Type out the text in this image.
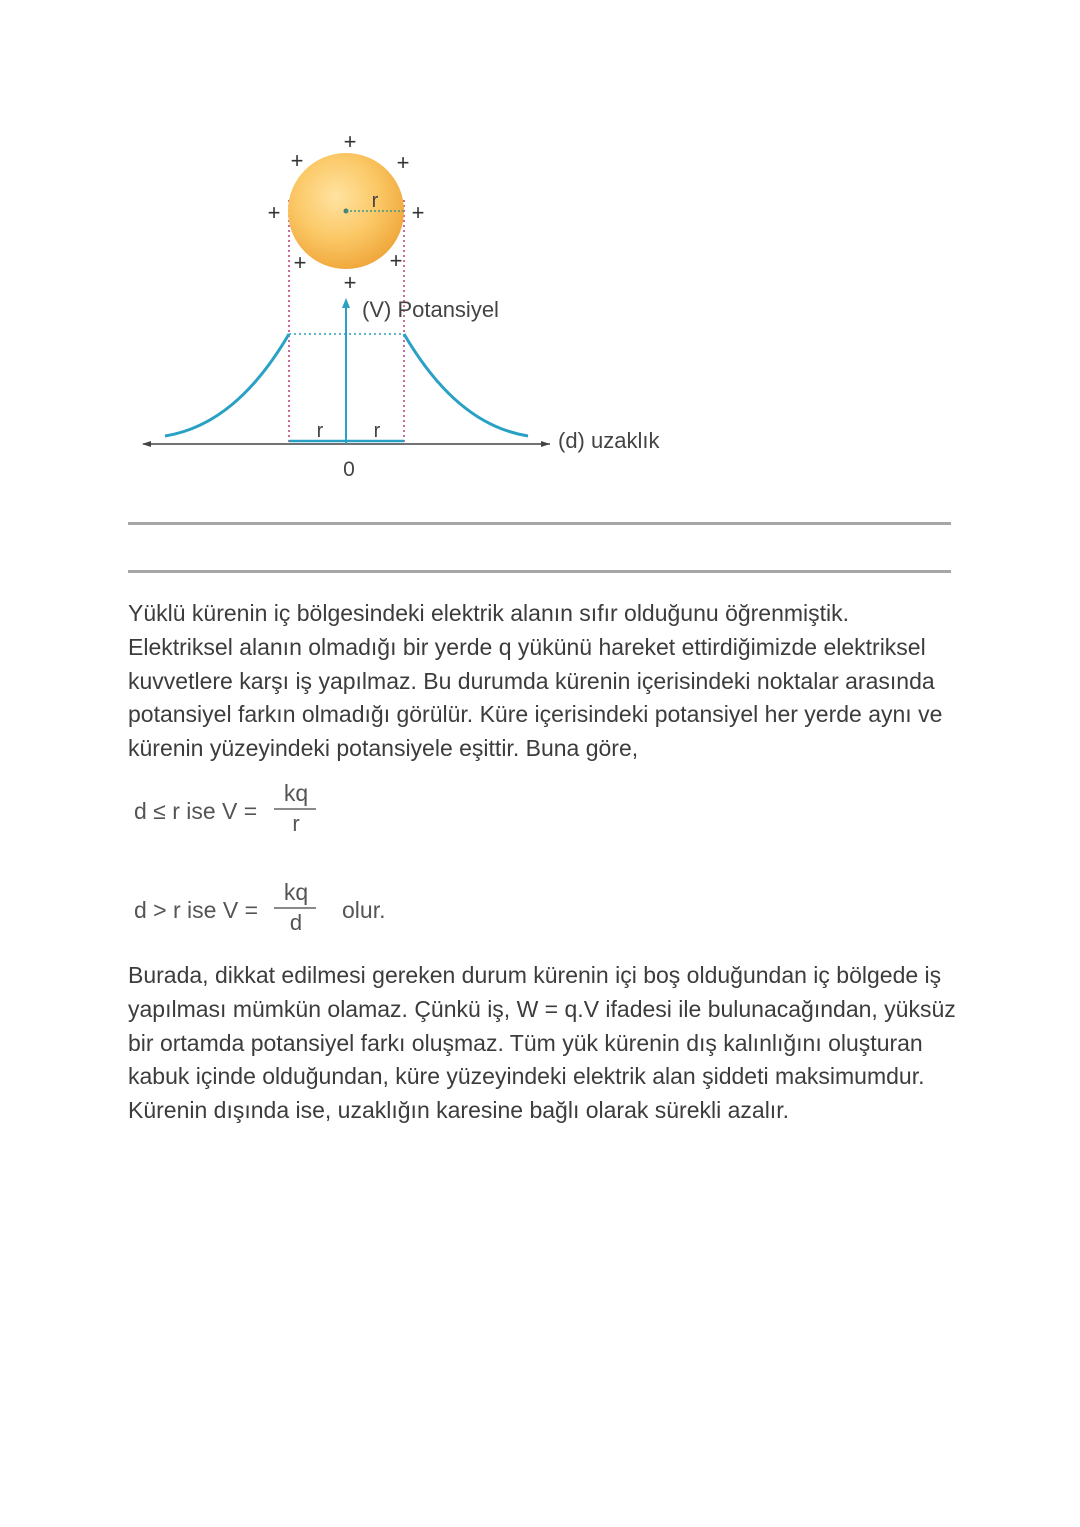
r
+
+	+
+	+
+	+
+
r	r
0
(V) Potansiyel
(d) uzaklık

Yüklü kürenin iç bölgesindeki elektrik alanın sıfır olduğunu öğrenmiştik. Elektriksel alanın olmadığı bir yerde q yükünü hareket ettirdiğimizde elektriksel kuvvetlere karşı iş yapılmaz. Bu durumda kürenin içerisindeki noktalar arasında potansiyel farkın olmadığı görülür. Küre içerisindeki potansiyel her yerde aynı ve kürenin yüzeyindeki potansiyele eşittir. Buna göre,

d ≤ r ise V =
kq
r
d > r ise V =
kq
d	olur.

Burada, dikkat edilmesi gereken durum kürenin içi boş olduğundan iç bölgede iş yapılması mümkün olamaz. Çünkü iş, W = q.V ifadesi ile bulunacağından, yüksüz bir ortamda potansiyel farkı oluşmaz. Tüm yük kürenin dış kalınlığını oluşturan kabuk içinde olduğundan, küre yüzeyindeki elektrik alan şiddeti maksimumdur. Kürenin dışında ise, uzaklığın karesine bağlı olarak sürekli azalır.
